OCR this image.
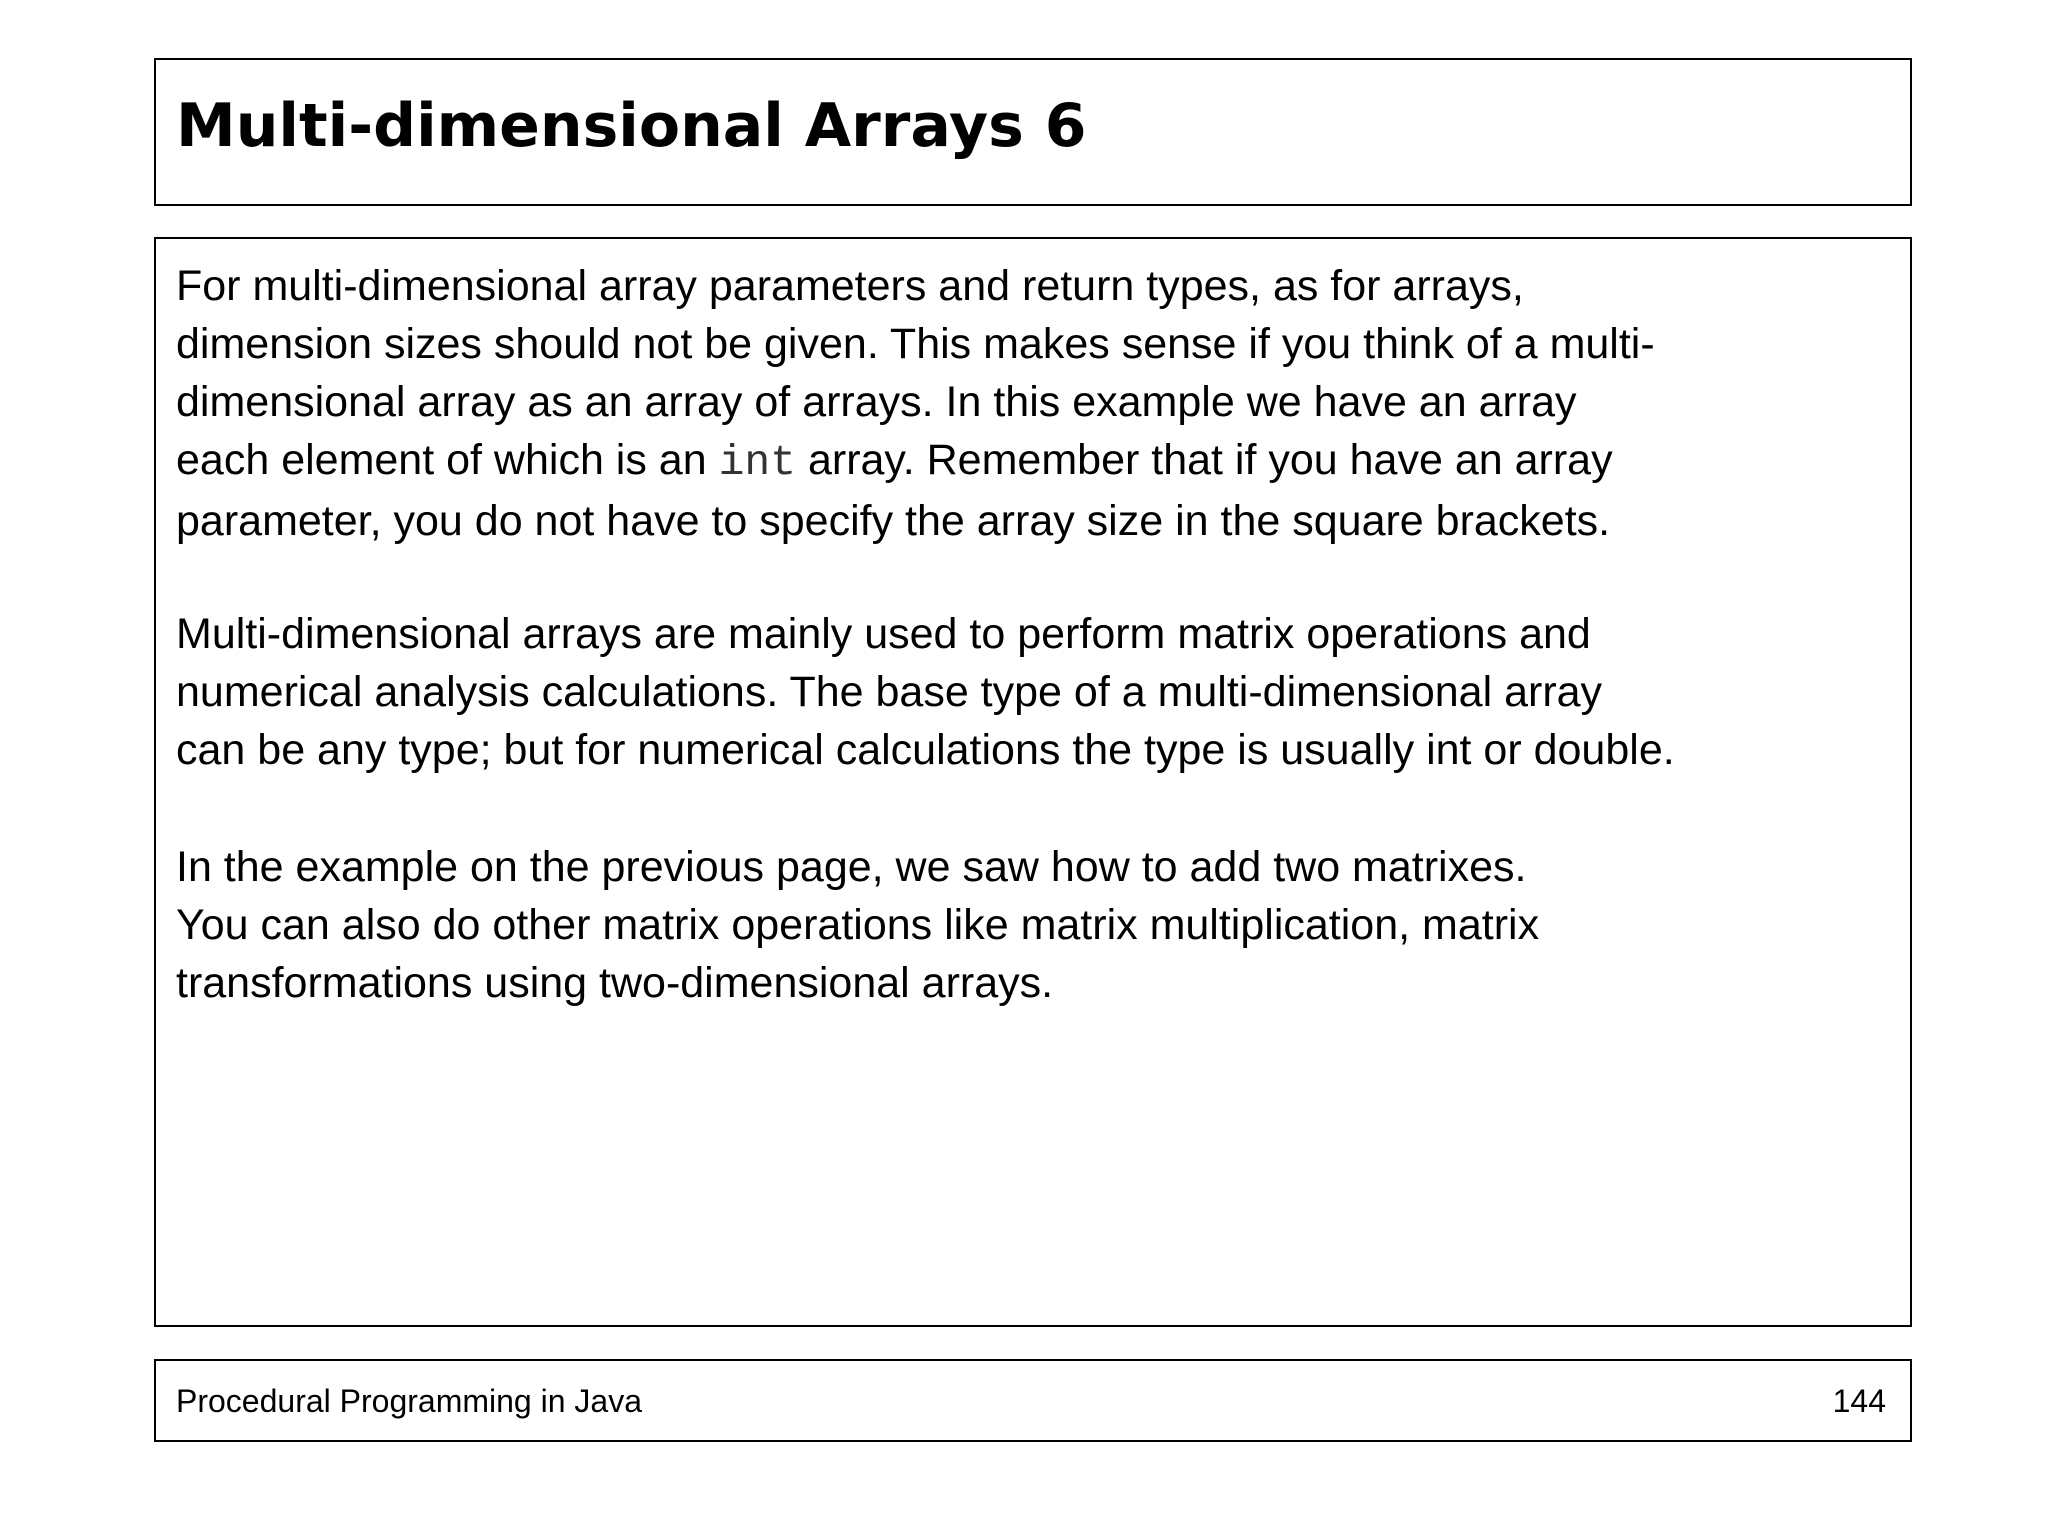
Multi-dimensional Arrays 6

For multi-dimensional array parameters and return types, as for arrays,
dimension sizes should not be given. This makes sense if you think of a multi-
dimensional array as an array of arrays. In this example we have an array
each element of which is an int array. Remember that if you have an array
parameter, you do not have to specify the array size in the square brackets.

Multi-dimensional arrays are mainly used to perform matrix operations and
numerical analysis calculations. The base type of a multi-dimensional array
can be any type; but for numerical calculations the type is usually int or double.

In the example on the previous page, we saw how to add two matrixes.
You can also do other matrix operations like matrix multiplication, matrix
transformations using two-dimensional arrays.

Procedural Programming in Java	144
